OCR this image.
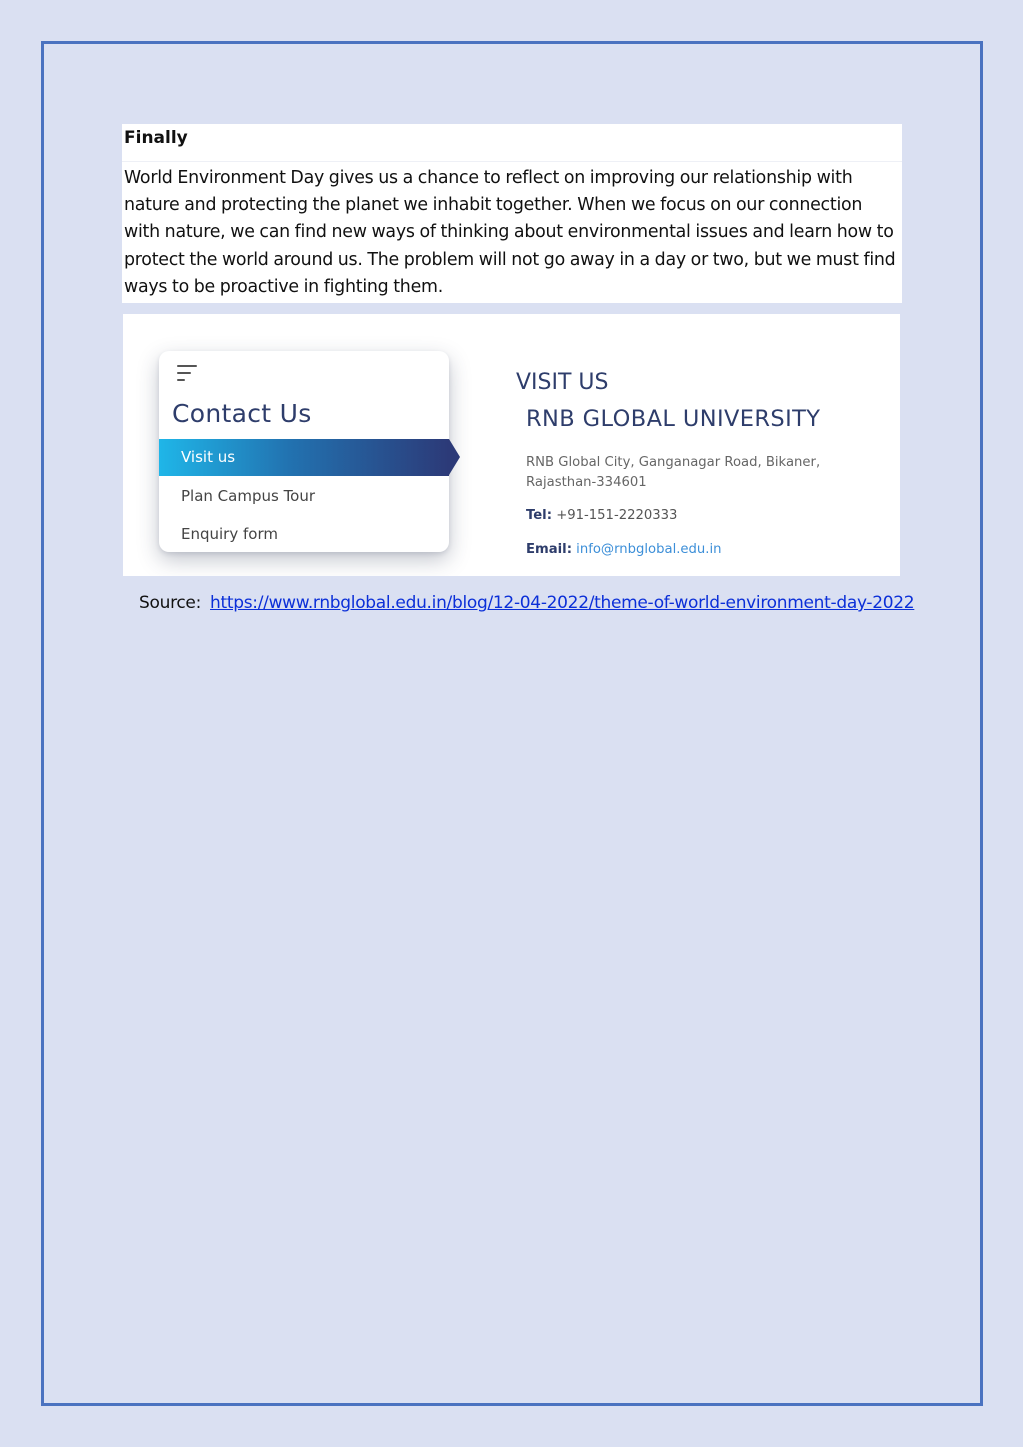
Finally
World Environment Day gives us a chance to reflect on improving our relationship with nature and protecting the planet we inhabit together. When we focus on our connection with nature, we can find new ways of thinking about environmental issues and learn how to protect the world around us. The problem will not go away in a day or two, but we must find ways to be proactive in fighting them.
Contact Us
Visit us
Plan Campus Tour
Enquiry form
VISIT US
RNB GLOBAL UNIVERSITY
RNB Global City, Ganganagar Road, Bikaner, Rajasthan-334601
Tel: +91-151-2220333
Email: info@rnbglobal.edu.in
Source: https://www.rnbglobal.edu.in/blog/12-04-2022/theme-of-world-environment-day-2022
